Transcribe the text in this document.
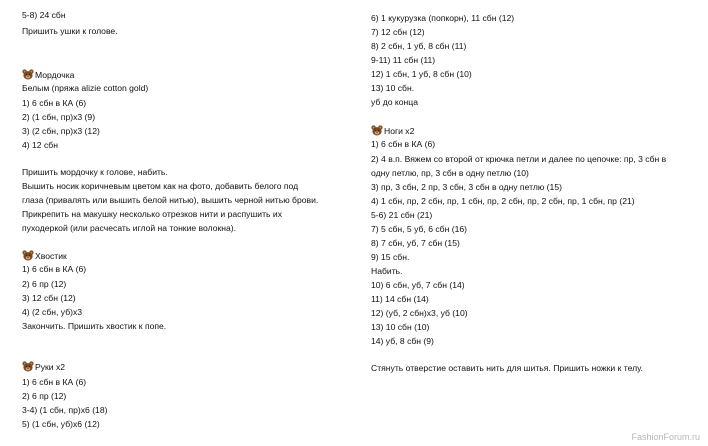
5-8) 24 сбн
Пришить ушки к голове.
Мордочка
Белым (пряжа alizie cotton gold)
1) 6 сбн в КА (6)
2) (1 сбн, пр)х3 (9)
3) (2 сбн, пр)х3 (12)
4) 12 сбн
Пришить мордочку к голове, набить.
Вышить носик коричневым цветом как на фото, добавить белого под
глаза (привалять или вышить белой нитью), вышить черной нитью брови.
Прикрепить на макушку несколько отрезков нити и распушить их
пуходеркой (или расчесать иглой на тонкие волокна).
Хвостик
1) 6 сбн в КА (6)
2) 6 пр (12)
3) 12 сбн (12)
4) (2 сбн, уб)х3
Закончить. Пришить хвостик к попе.
Руки х2
1) 6 сбн в КА (6)
2) 6 пр (12)
3-4) (1 сбн, пр)х6 (18)
5) (1 сбн, уб)х6 (12)
6) 1 кукурузка (попкорн), 11 сбн (12)
7) 12 сбн (12)
8) 2 сбн, 1 уб, 8 сбн (11)
9-11) 11 сбн (11)
12) 1 сбн, 1 уб, 8 сбн (10)
13) 10 сбн.
уб до конца
Ноги х2
1) 6 сбн в КА (6)
2) 4 в.п. Вяжем со второй от крючка петли и далее по цепочке: пр, 3 сбн в
одну петлю, пр, 3 сбн в одну петлю (10)
3) пр, 3 сбн, 2 пр, 3 сбн, 3 сбн в одну петлю (15)
4) 1 сбн, пр, 2 сбн, пр, 1 сбн, пр, 2 сбн, пр, 2 сбн, пр, 1 сбн, пр (21)
5-6) 21 сбн (21)
7) 5 сбн, 5 уб, 6 сбн (16)
8) 7 сбн, уб, 7 сбн (15)
9) 15 сбн.
Набить.
10) 6 сбн, уб, 7 сбн (14)
11) 14 сбн (14)
12) (уб, 2 сбн)х3, уб (10)
13) 10 сбн (10)
14) уб, 8 сбн (9)
Стянуть отверстие оставить нить для шитья. Пришить ножки к телу.
FashionForum.ru
